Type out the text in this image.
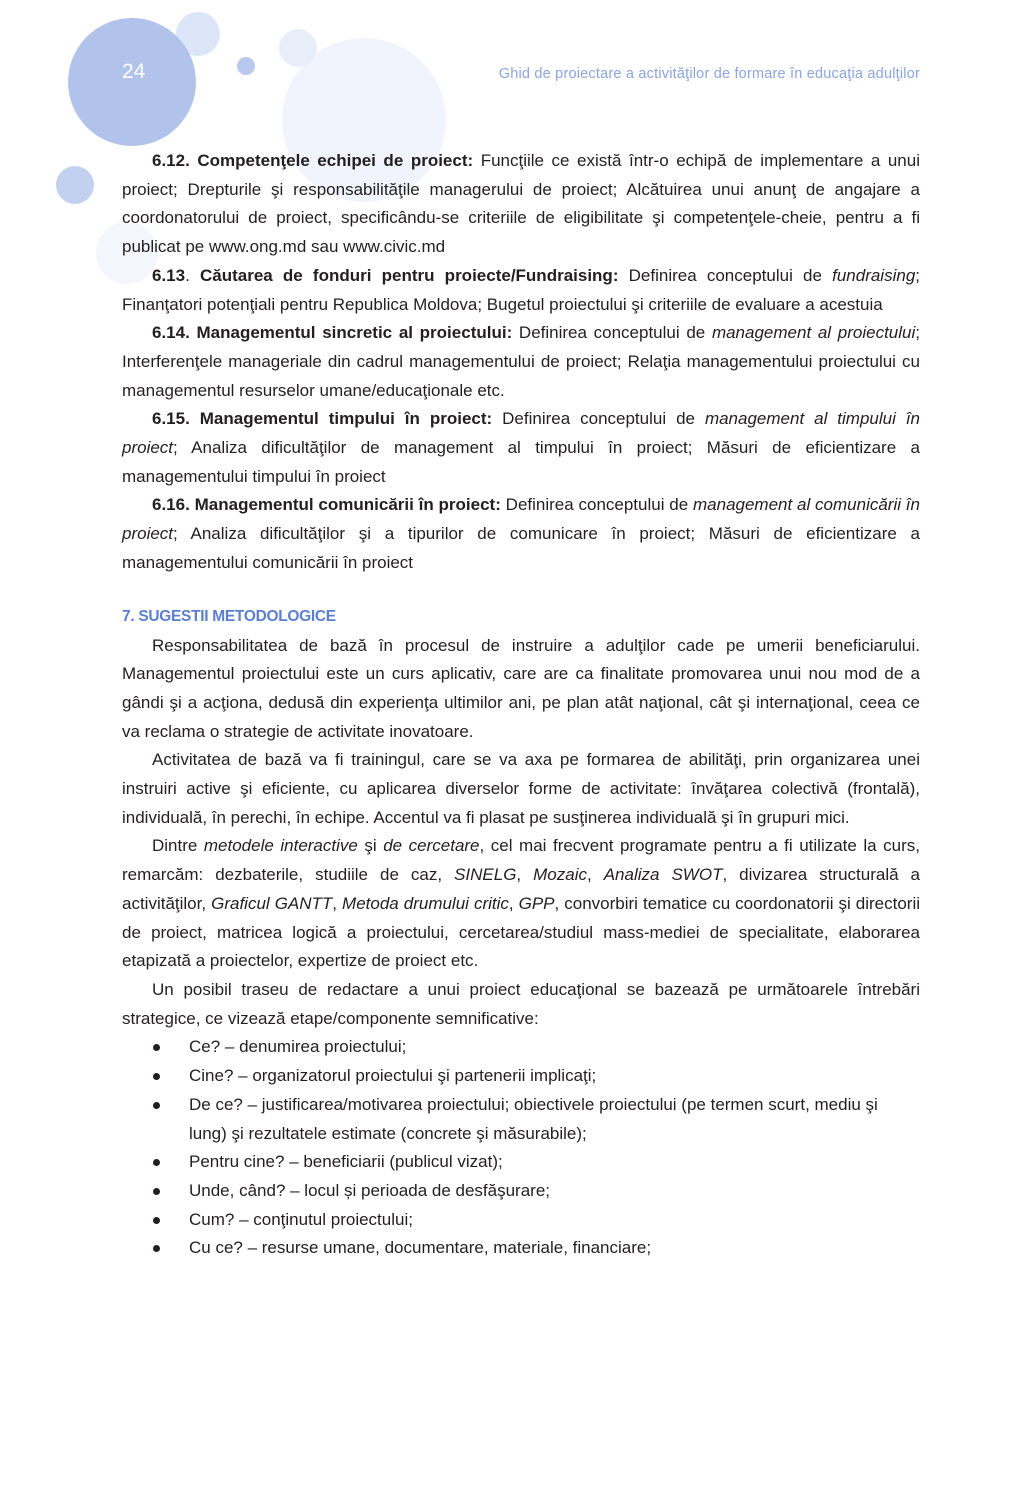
24	Ghid de proiectare a activităţilor de formare în educaţia adulţilor

6.12. Competenţele echipei de proiect: Funcţiile ce există într-o echipă de implementare a unui proiect; Drepturile şi responsabilităţile managerului de proiect; Alcătuirea unui anunţ de angajare a coordonatorului de proiect, specificându-se criteriile de eligibilitate şi competenţele-cheie, pentru a fi publicat pe www.ong.md sau www.civic.md

6.13. Căutarea de fonduri pentru proiecte/Fundraising: Definirea conceptului de fundraising; Finanţatori potenţiali pentru Republica Moldova; Bugetul proiectului şi criteriile de evaluare a acestuia

6.14. Managementul sincretic al proiectului: Definirea conceptului de management al proiectului; Interferenţele manageriale din cadrul managementului de proiect; Relaţia managementului proiectului cu managementul resurselor umane/educaţionale etc.

6.15. Managementul timpului în proiect: Definirea conceptului de management al timpului în proiect; Analiza dificultăţilor de management al timpului în proiect; Măsuri de eficientizare a managementului timpului în proiect

6.16. Managementul comunicării în proiect: Definirea conceptului de management al comunicării în proiect; Analiza dificultăţilor şi a tipurilor de comunicare în proiect; Măsuri de eficientizare a managementului comunicării în proiect

7. SUGESTII METODOLOGICE

Responsabilitatea de bază în procesul de instruire a adulţilor cade pe umerii beneficiarului. Managementul proiectului este un curs aplicativ, care are ca finalitate promovarea unui nou mod de a gândi şi a acţiona, dedusă din experienţa ultimilor ani, pe plan atât naţional, cât şi internaţional, ceea ce va reclama o strategie de activitate inovatoare.

Activitatea de bază va fi trainingul, care se va axa pe formarea de abilităţi, prin organizarea unei instruiri active şi eficiente, cu aplicarea diverselor forme de activitate: învăţarea colectivă (frontală), individuală, în perechi, în echipe. Accentul va fi plasat pe susţinerea individuală şi în grupuri mici.

Dintre metodele interactive şi de cercetare, cel mai frecvent programate pentru a fi utilizate la curs, remarcăm: dezbaterile, studiile de caz, SINELG, Mozaic, Analiza SWOT, divizarea structurală a activităţilor, Graficul GANTT, Metoda drumului critic, GPP, convorbiri tematice cu coordonatorii şi directorii de proiect, matricea logică a proiectului, cercetarea/studiul mass-mediei de specialitate, elaborarea etapizată a proiectelor, expertize de proiect etc.

Un posibil traseu de redactare a unui proiect educaţional se bazează pe următoarele întrebări strategice, ce vizează etape/componente semnificative:

Ce? – denumirea proiectului;
Cine? – organizatorul proiectului şi partenerii implicaţi;
De ce? – justificarea/motivarea proiectului; obiectivele proiectului (pe termen scurt, mediu şi lung) şi rezultatele estimate (concrete şi măsurabile);
Pentru cine? – beneficiarii (publicul vizat);
Unde, când? – locul și perioada de desfăşurare;
Cum? – conţinutul proiectului;
Cu ce? – resurse umane, documentare, materiale, financiare;
